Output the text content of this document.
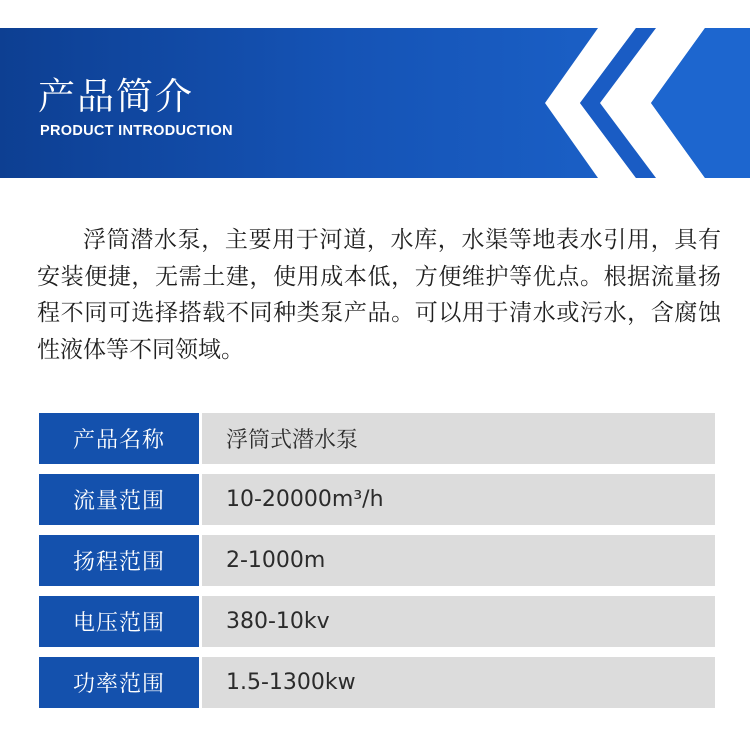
产品简介
PRODUCT INTRODUCTION

浮筒潜水泵，主要用于河道，水库，水渠等地表水引用，具有安装便捷，无需土建，使用成本低，方便维护等优点。根据流量扬程不同可选择搭载不同种类泵产品。可以用于清水或污水，含腐蚀性液体等不同领域。

产品名称	浮筒式潜水泵
流量范围	10-20000m³/h
扬程范围	2-1000m
电压范围	380-10kv
功率范围	1.5-1300kw
